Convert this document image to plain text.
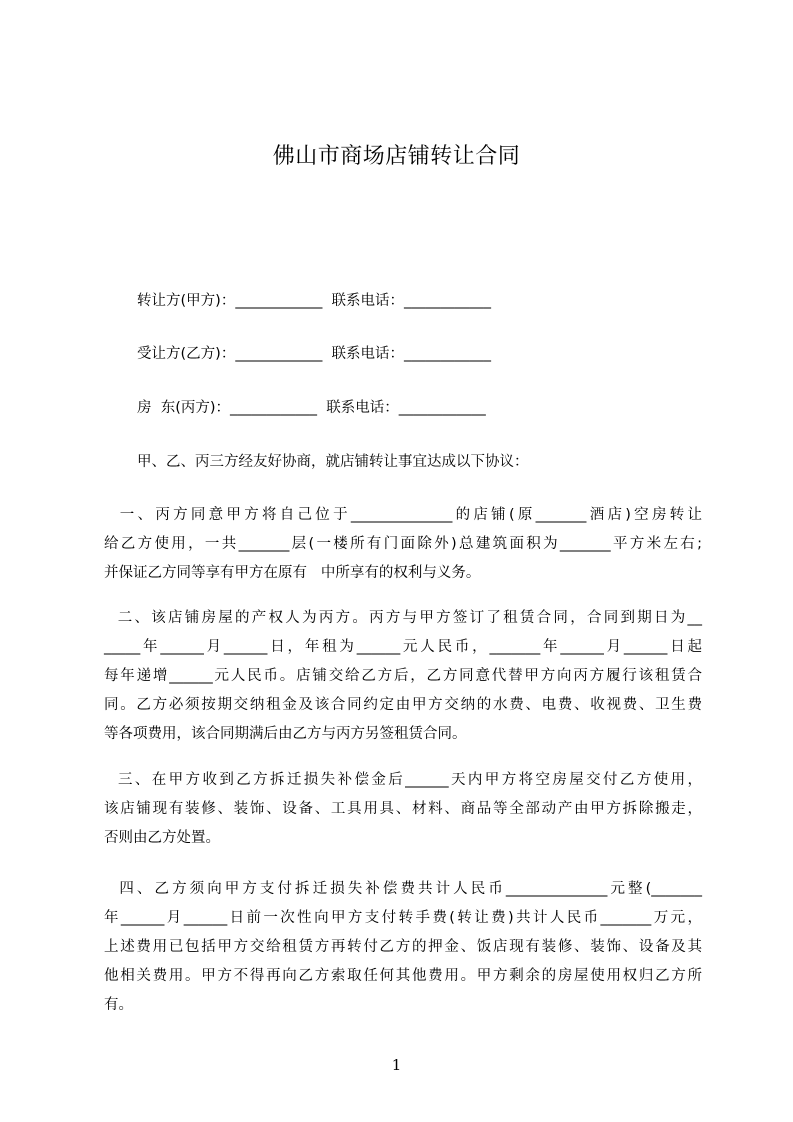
佛山市商场店铺转让合同
转让方(甲方)：____________  联系电话：____________
受让方(乙方)：____________  联系电话：____________
房  东(丙方)：____________  联系电话：____________
甲、乙、丙三方经友好协商，就店铺转让事宜达成以下协议：
一、丙方同意甲方将自己位于______________的店铺(原_______酒店)空房转让
给乙方使用，一共_______层(一楼所有门面除外)总建筑面积为_______平方米左右;
并保证乙方同等享有甲方在原有   中所享有的权利与义务。
二、该店铺房屋的产权人为丙方。丙方与甲方签订了租赁合同，合同到期日为__
_____年______月______日，年租为______元人民币，_______年______月______日起
每年递增______元人民币。店铺交给乙方后，乙方同意代替甲方向丙方履行该租赁合
同。乙方必须按期交纳租金及该合同约定由甲方交纳的水费、电费、收视费、卫生费
等各项费用，该合同期满后由乙方与丙方另签租赁合同。
三、在甲方收到乙方拆迁损失补偿金后______天内甲方将空房屋交付乙方使用，
该店铺现有装修、装饰、设备、工具用具、材料、商品等全部动产由甲方拆除搬走，
否则由乙方处置。
四、乙方须向甲方支付拆迁损失补偿费共计人民币______________元整(_______
年______月______日前一次性向甲方支付转手费(转让费)共计人民币_______万元，
上述费用已包括甲方交给租赁方再转付乙方的押金、饭店现有装修、装饰、设备及其
他相关费用。甲方不得再向乙方索取任何其他费用。甲方剩余的房屋使用权归乙方所
有。
1
